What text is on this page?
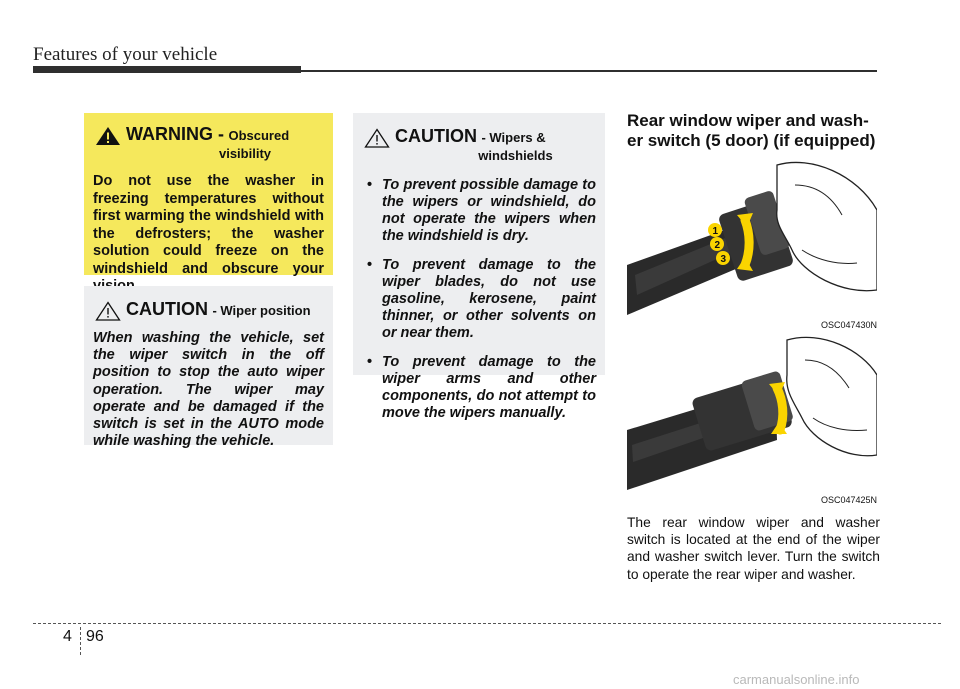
Features of your vehicle
WARNING - Obscured
visibility

Do not use the washer in freezing temperatures without first warming the windshield with the defrosters; the washer solution could freeze on the windshield and obscure your

CAUTION - Wiper position

When washing the vehicle, set the wiper switch in the off position to stop the auto wiper operation. The wiper may operate and be damaged if the switch is set in the AUTO mode while washing the vehicle.

CAUTION - Wipers &
windshields
• To prevent possible damage to the wipers or windshield, do not operate the wipers when the windshield is dry.
• To prevent damage to the wiper blades, do not use gasoline, kerosene, paint thinner, or other solvents on or near them.
• To prevent damage to the wiper arms and other components, do not attempt to move the wipers manually.
Rear window wiper and wash-
er switch (5 door) (if equipped)
1
2
3
OSC047430N
OSC047425N

The rear window wiper and washer switch is located at the end of the wiper and washer switch lever. Turn the switch to operate the rear wiper and washer.

4 96
carmanualsonline.info
